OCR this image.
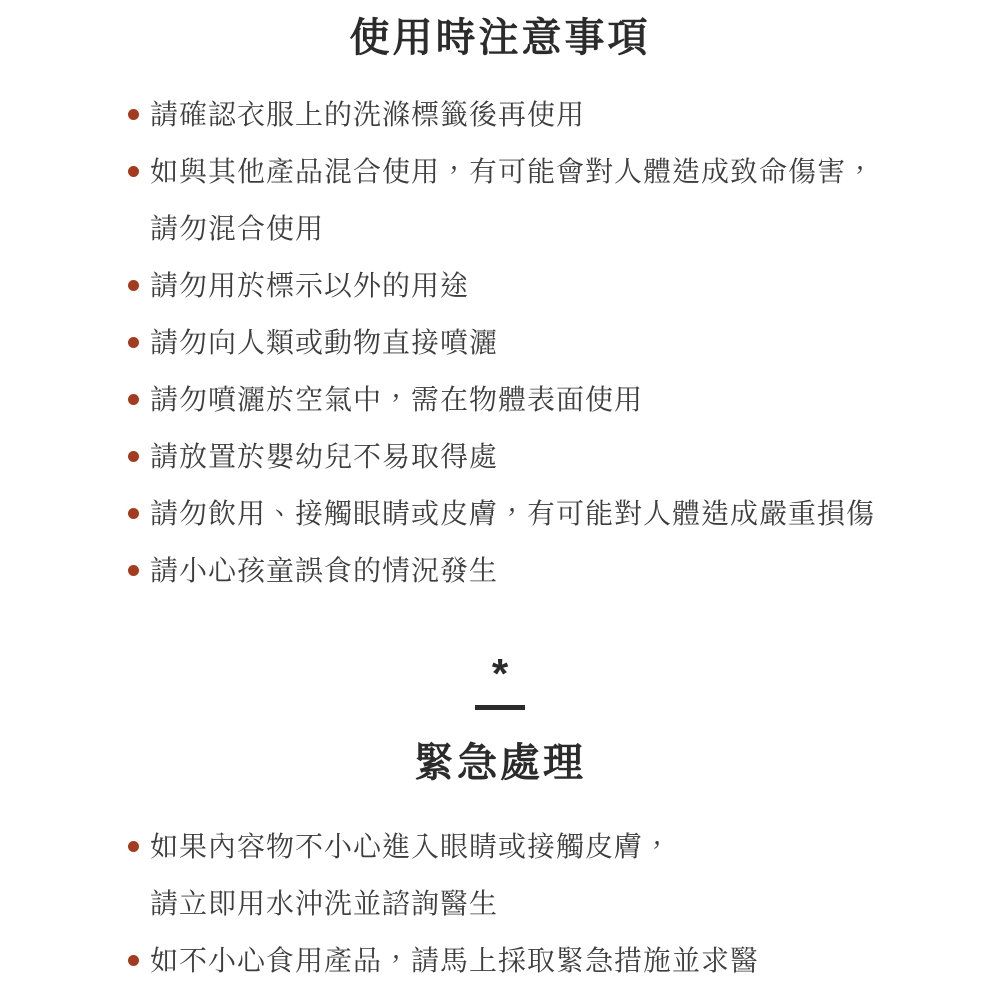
使用時注意事項
請確認衣服上的洗滌標籤後再使用
如與其他產品混合使用，有可能會對人體造成致命傷害，
請勿混合使用
請勿用於標示以外的用途
請勿向人類或動物直接噴灑
請勿噴灑於空氣中，需在物體表面使用
請放置於嬰幼兒不易取得處
請勿飲用、接觸眼睛或皮膚，有可能對人體造成嚴重損傷
請小心孩童誤食的情況發生
*
緊急處理
如果內容物不小心進入眼睛或接觸皮膚，
請立即用水沖洗並諮詢醫生
如不小心食用產品，請馬上採取緊急措施並求醫
